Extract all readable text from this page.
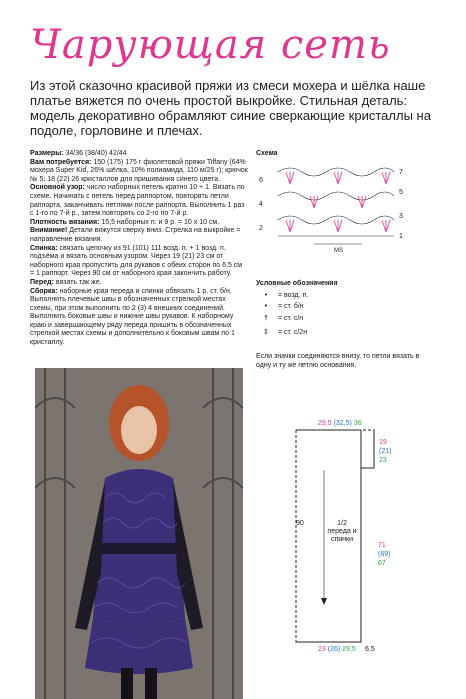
Чарующая сеть
Из этой сказочно красивой пряжи из смеси мохера и шёлка наше платье вяжется по очень простой выкройке. Стильная деталь: модель декоративно обрамляют синие сверкающие кристаллы на подоле, горловине и плечах.

Размеры: 34/36 (38/40) 42/44

Вам потребуется: 150 (175) 175 г фиолетовой пряжи Tiffany (64% мохера Super Kid, 26% шёлка, 10% полиамида, 110 м/25 г); крючок № 5; 18 (22) 26 кристаллов для пришивания синего цвета.

Основной узор: число наборных петель кратно 10 + 1. Вязать по схеме. Начинать с петель перед раппортом, повторять петли раппорта, заканчивать петлями после раппорта. Выполнить 1 раз с 1-го по 7-й р., затем повторять со 2-го по 7-й р.

Плотность вязания: 15,5 наборных п. и 9 р. = 10 х 10 см.

Внимание! Детали вяжутся сверху вниз. Стрелка на выкройке = направление вязания.

Спинка: связать цепочку из 91 (101) 111 возд. п. + 1 возд. п. подъёма и вязать основным узором. Через 19 (21) 23 см от наборного края пропустить для рукавов с обеих сторон по 6,5 см = 1 раппорт. Через 90 см от наборного края закончить работу.

Перед: вязать так же.

Сборка: наборные края переда и спинки обвязать 1 р. ст. б/н. Выполнить плечевые швы в обозначенных стрелкой местах схемы, при этом выполнить по 2 (3) 4 внешних соединений. Выполнить боковые швы и нижние швы рукавов. К наборному краю и завершающему ряду переда пришить в обозначенных стрелкой местах схемы и дополнительно к боковым швам по 1 кристаллу.

Схема
6
4
2
7
5
3
1
МS
Условные обозначения
•	= возд. п.
•	= ст. б/н
†	= ст. с/н
‡	= ст. с/2н
Если значки соединяются внизу, то петли вязать в одну и ту же петлю основания.
29,5 (32,5) 36
19
(21)
23
71
(69)
67
90	1/2 переда и спинки
23 (26) 29,5 6,5
